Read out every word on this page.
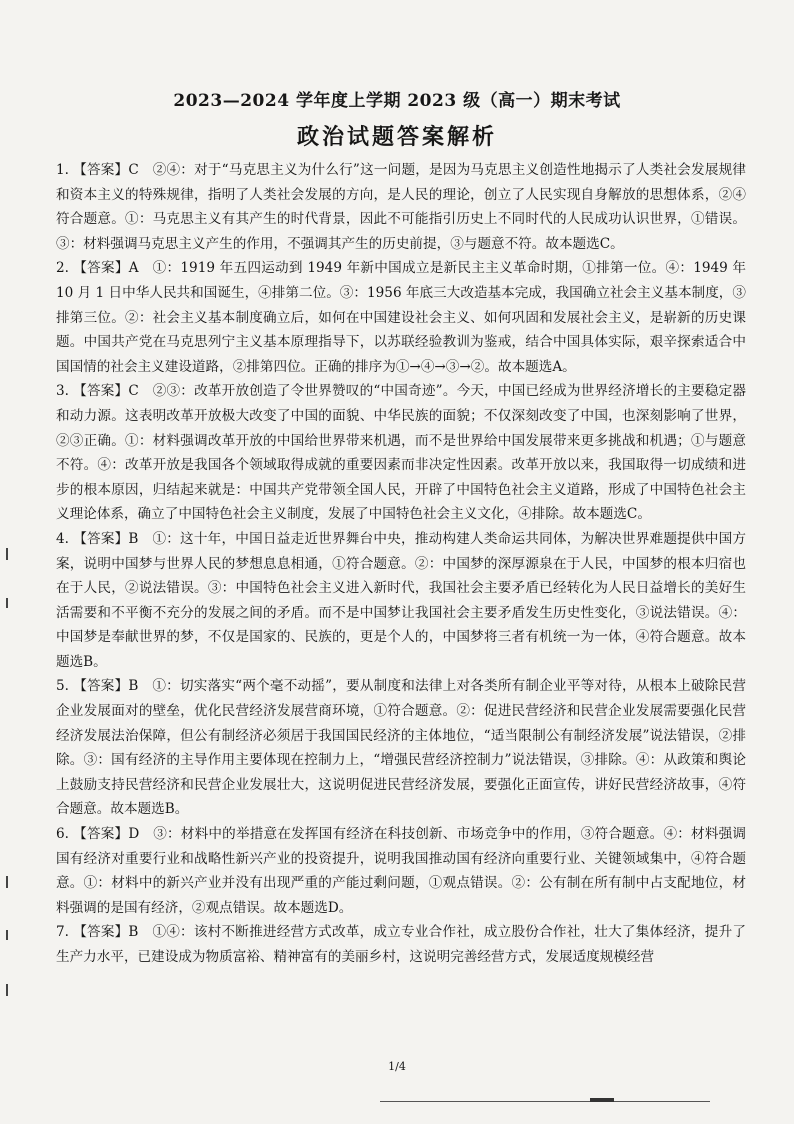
2023—2024 学年度上学期 2023 级（高一）期末考试
政治试题答案解析

1. 【答案】C　②④：对于“马克思主义为什么行”这一问题，是因为马克思主义创造性地揭示了人类社会发展规律和资本主义的特殊规律，指明了人类社会发展的方向，是人民的理论，创立了人民实现自身解放的思想体系，②④符合题意。①：马克思主义有其产生的时代背景，因此不可能指引历史上不同时代的人民成功认识世界，①错误。③：材料强调马克思主义产生的作用，不强调其产生的历史前提，③与题意不符。故本题选C。

2. 【答案】A　①：1919 年五四运动到 1949 年新中国成立是新民主主义革命时期，①排第一位。④：1949 年 10 月 1 日中华人民共和国诞生，④排第二位。③：1956 年底三大改造基本完成，我国确立社会主义基本制度，③排第三位。②：社会主义基本制度确立后，如何在中国建设社会主义、如何巩固和发展社会主义，是崭新的历史课题。中国共产党在马克思列宁主义基本原理指导下，以苏联经验教训为鉴戒，结合中国具体实际，艰辛探索适合中国国情的社会主义建设道路，②排第四位。正确的排序为①→④→③→②。故本题选A。

3. 【答案】C　②③：改革开放创造了令世界赞叹的“中国奇迹”。今天，中国已经成为世界经济增长的主要稳定器和动力源。这表明改革开放极大改变了中国的面貌、中华民族的面貌；不仅深刻改变了中国，也深刻影响了世界，②③正确。①：材料强调改革开放的中国给世界带来机遇，而不是世界给中国发展带来更多挑战和机遇；①与题意不符。④：改革开放是我国各个领域取得成就的重要因素而非决定性因素。改革开放以来，我国取得一切成绩和进步的根本原因，归结起来就是：中国共产党带领全国人民，开辟了中国特色社会主义道路，形成了中国特色社会主义理论体系，确立了中国特色社会主义制度，发展了中国特色社会主义文化，④排除。故本题选C。

4. 【答案】B　①：这十年，中国日益走近世界舞台中央，推动构建人类命运共同体，为解决世界难题提供中国方案，说明中国梦与世界人民的梦想息息相通，①符合题意。②：中国梦的深厚源泉在于人民，中国梦的根本归宿也在于人民，②说法错误。③：中国特色社会主义进入新时代，我国社会主要矛盾已经转化为人民日益增长的美好生活需要和不平衡不充分的发展之间的矛盾。而不是中国梦让我国社会主要矛盾发生历史性变化，③说法错误。④：中国梦是奉献世界的梦，不仅是国家的、民族的，更是个人的，中国梦将三者有机统一为一体，④符合题意。故本题选B。

5. 【答案】B　①：切实落实“两个毫不动摇”，要从制度和法律上对各类所有制企业平等对待，从根本上破除民营企业发展面对的壁垒，优化民营经济发展营商环境，①符合题意。②：促进民营经济和民营企业发展需要强化民营经济发展法治保障，但公有制经济必须居于我国国民经济的主体地位，“适当限制公有制经济发展”说法错误，②排除。③：国有经济的主导作用主要体现在控制力上，“增强民营经济控制力”说法错误，③排除。④：从政策和舆论上鼓励支持民营经济和民营企业发展壮大，这说明促进民营经济发展，要强化正面宣传，讲好民营经济故事，④符合题意。故本题选B。

6. 【答案】D　③：材料中的举措意在发挥国有经济在科技创新、市场竞争中的作用，③符合题意。④：材料强调国有经济对重要行业和战略性新兴产业的投资提升，说明我国推动国有经济向重要行业、关键领域集中，④符合题意。①：材料中的新兴产业并没有出现严重的产能过剩问题，①观点错误。②：公有制在所有制中占支配地位，材料强调的是国有经济，②观点错误。故本题选D。

7. 【答案】B　①④：该村不断推进经营方式改革，成立专业合作社，成立股份合作社，壮大了集体经济，提升了生产力水平，已建设成为物质富裕、精神富有的美丽乡村，这说明完善经营方式，发展适度规模经营

1/4
